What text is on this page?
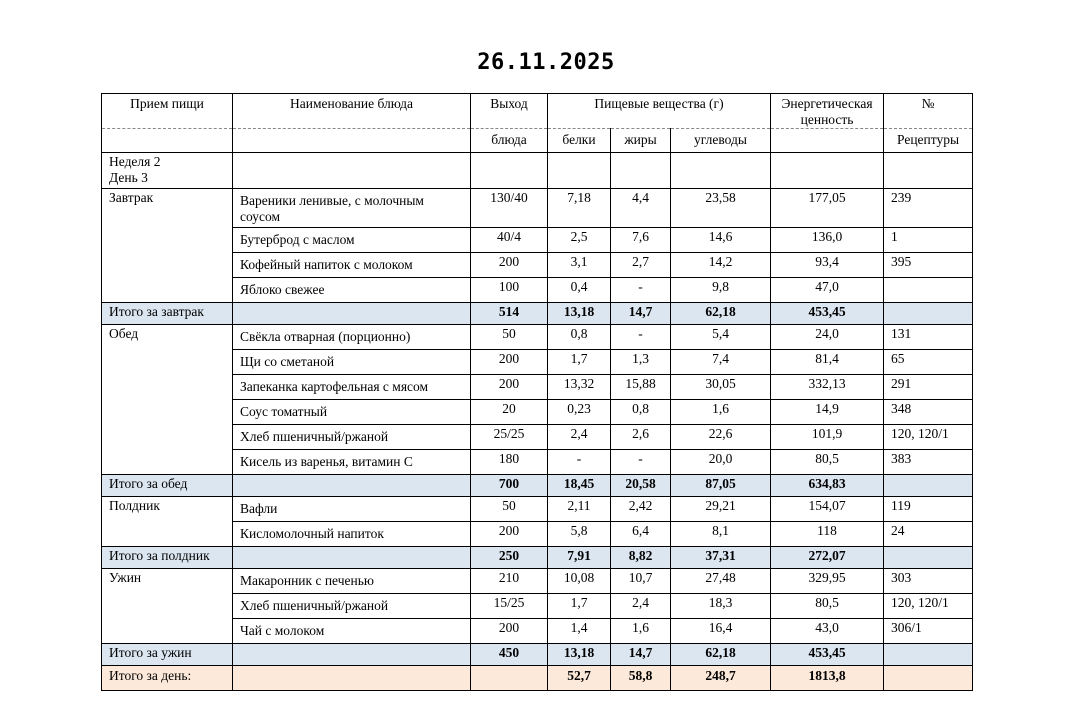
26.11.2025
Прием пищи	Наименование блюда	Выход	Пищевые вещества (г)			Энергетическая ценность	№
		блюда	белки	жиры	углеводы		Рецептуры
Неделя 2
День 3							
Завтрак	Вареники ленивые, с молочным соусом	130/40	7,18	4,4	23,58	177,05	239
	Бутерброд с маслом	40/4	2,5	7,6	14,6	136,0	1
	Кофейный напиток с молоком	200	3,1	2,7	14,2	93,4	395
	Яблоко свежее	100	0,4	-	9,8	47,0	
Итого за завтрак		514	13,18	14,7	62,18	453,45	
Обед	Свёкла отварная (порционно)	50	0,8	-	5,4	24,0	131
	Щи со сметаной	200	1,7	1,3	7,4	81,4	65
	Запеканка картофельная с мясом	200	13,32	15,88	30,05	332,13	291
	Соус томатный	20	0,23	0,8	1,6	14,9	348
	Хлеб пшеничный/ржаной	25/25	2,4	2,6	22,6	101,9	120, 120/1
	Кисель из варенья, витамин С	180	-	-	20,0	80,5	383
Итого за обед		700	18,45	20,58	87,05	634,83	
Полдник	Вафли	50	2,11	2,42	29,21	154,07	119
	Кисломолочный напиток	200	5,8	6,4	8,1	118	24
Итого за полдник		250	7,91	8,82	37,31	272,07	
Ужин	Макаронник с печенью	210	10,08	10,7	27,48	329,95	303
	Хлеб пшеничный/ржаной	15/25	1,7	2,4	18,3	80,5	120, 120/1
	Чай с молоком	200	1,4	1,6	16,4	43,0	306/1
Итого за ужин		450	13,18	14,7	62,18	453,45	
Итого за день:			52,7	58,8	248,7	1813,8	
